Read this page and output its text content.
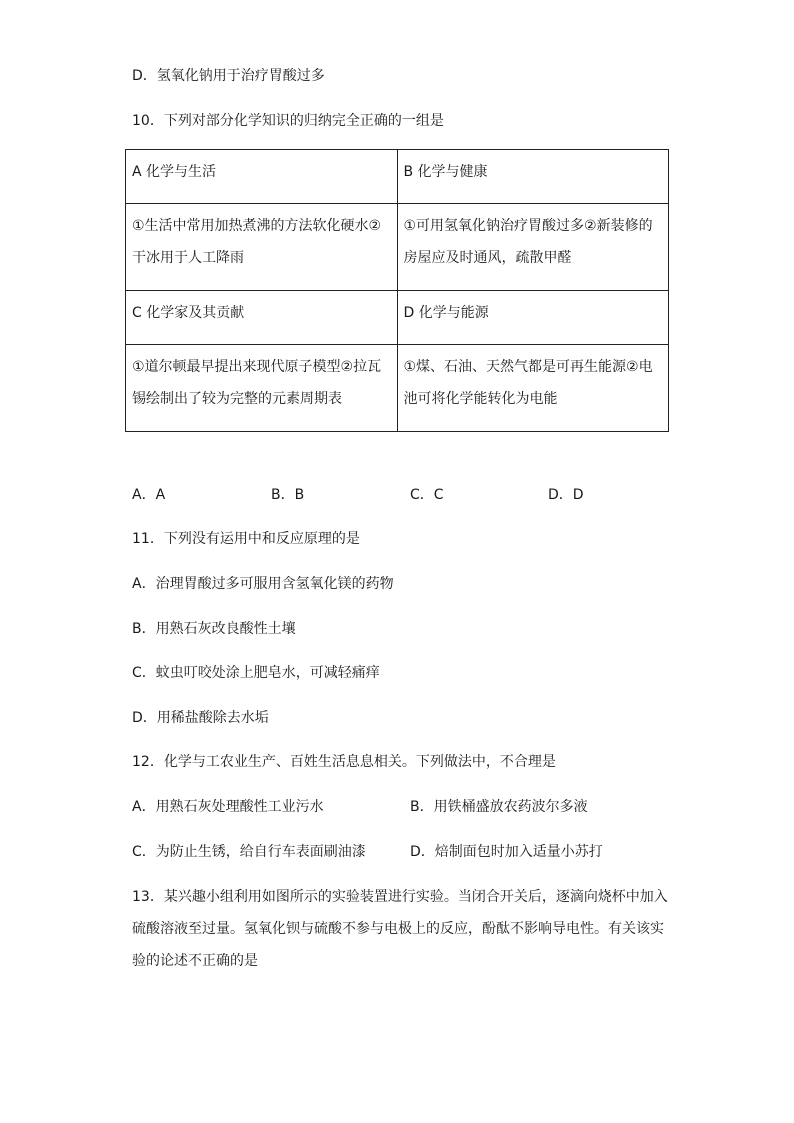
D．氢氧化钠用于治疗胃酸过多
10．下列对部分化学知识的归纳完全正确的一组是
A 化学与生活	B 化学与健康
①生活中常用加热煮沸的方法软化硬水②干冰用于人工降雨	①可用氢氧化钠治疗胃酸过多②新装修的房屋应及时通风，疏散甲醛
C 化学家及其贡献	D 化学与能源
①道尔顿最早提出来现代原子模型②拉瓦锡绘制出了较为完整的元素周期表	①煤、石油、天然气都是可再生能源②电池可将化学能转化为电能
A．A	B．B	C．C	D．D
11．下列没有运用中和反应原理的是
A．治理胃酸过多可服用含氢氧化镁的药物
B．用熟石灰改良酸性土壤
C．蚊虫叮咬处涂上肥皂水，可减轻痛痒
D．用稀盐酸除去水垢
12．化学与工农业生产、百姓生活息息相关。下列做法中，不合理是
A．用熟石灰处理酸性工业污水	B．用铁桶盛放农药波尔多液
C．为防止生锈，给自行车表面刷油漆	D．焙制面包时加入适量小苏打
13．某兴趣小组利用如图所示的实验装置进行实验。当闭合开关后，逐滴向烧杯中加入硫酸溶液至过量。氢氧化钡与硫酸不参与电极上的反应，酚酞不影响导电性。有关该实验的论述不正确的是
